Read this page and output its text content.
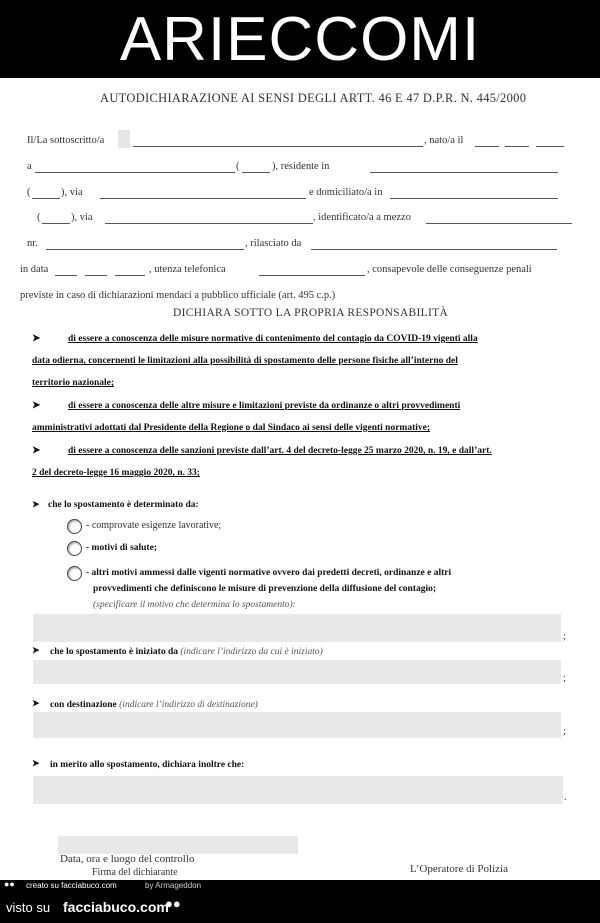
ARIECCOMI
AUTODICHIARAZIONE AI SENSI DEGLI ARTT. 46 E 47 D.P.R. N. 445/2000
Il/La sottoscritto/a	, nato/a il
a	(	), residente in
(	), via	e domiciliato/a in
(	), via	, identificato/a a mezzo
nr.	, rilasciato da
in data	, utenza telefonica	, consapevole delle conseguenze penali
previste in caso di dichiarazioni mendaci a pubblico ufficiale (art. 495 c.p.)
DICHIARA SOTTO LA PROPRIA RESPONSABILITÀ
➤	di essere a conoscenza delle misure normative di contenimento del contagio da COVID-19 vigenti alla
data odierna, concernenti le limitazioni alla possibilità di spostamento delle persone fisiche all’interno del
territorio nazionale;
➤	di essere a conoscenza delle altre misure e limitazioni previste da ordinanze o altri provvedimenti
amministrativi adottati dal Presidente della Regione o dal Sindaco ai sensi delle vigenti normative;
➤	di essere a conoscenza delle sanzioni previste dall’art. 4 del decreto-legge 25 marzo 2020, n. 19, e dall’art.
2 del decreto-legge 16 maggio 2020, n. 33;
➤ che lo spostamento è determinato da:
- comprovate esigenze lavorative;
- motivi di salute;
- altri motivi ammessi dalle vigenti normative ovvero dai predetti decreti, ordinanze e altri
provvedimenti che definiscono le misure di prevenzione della diffusione del contagio;
(specificare il motivo che determina lo spostamento):
;
➤ che lo spostamento è iniziato da (indicare l’indirizzo da cui è iniziato)
;
➤ con destinazione (indicare l’indirizzo di destinazione)
;
➤ in merito allo spostamento, dichiara inoltre che:
.
Data, ora e luogo del controllo
Firma del dichiarante	L’Operatore di Polizia
●● creato su facciabuco.com	by Armageddon
visto su facciabuco.com
●●
